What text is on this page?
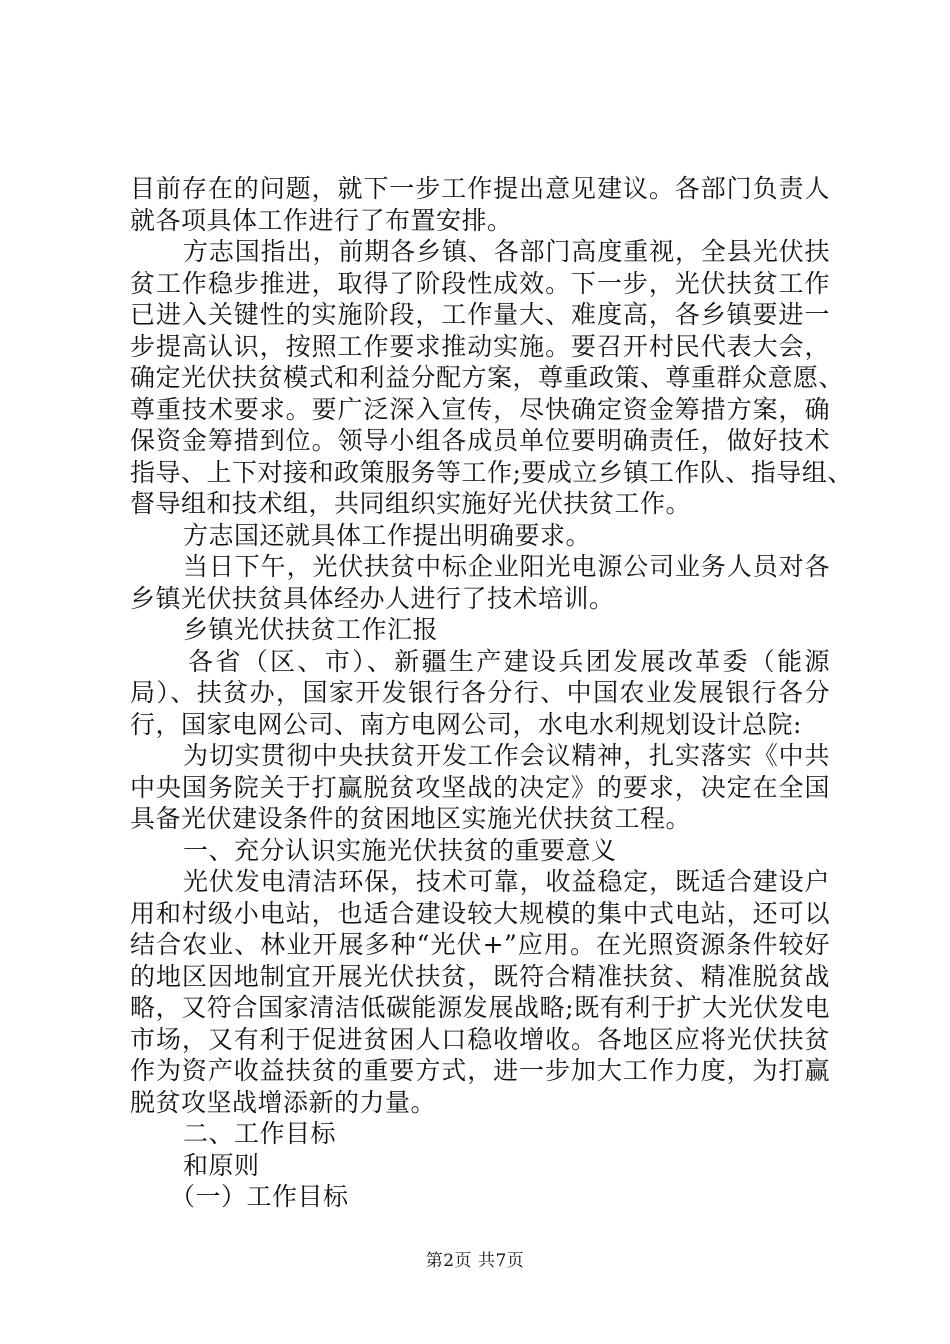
目前存在的问题，就下一步工作提出意见建议。各部门负责人
就各项具体工作进行了布置安排。
方志国指出，前期各乡镇、各部门高度重视，全县光伏扶
贫工作稳步推进，取得了阶段性成效。下一步，光伏扶贫工作
已进入关键性的实施阶段，工作量大、难度高，各乡镇要进一
步提高认识，按照工作要求推动实施。要召开村民代表大会，
确定光伏扶贫模式和利益分配方案，尊重政策、尊重群众意愿、
尊重技术要求。要广泛深入宣传，尽快确定资金筹措方案，确
保资金筹措到位。领导小组各成员单位要明确责任，做好技术
指导、上下对接和政策服务等工作;要成立乡镇工作队、指导组、
督导组和技术组，共同组织实施好光伏扶贫工作。
方志国还就具体工作提出明确要求。
当日下午，光伏扶贫中标企业阳光电源公司业务人员对各
乡镇光伏扶贫具体经办人进行了技术培训。
乡镇光伏扶贫工作汇报
各省（区、市）、新疆生产建设兵团发展改革委（能源
局）、扶贫办，国家开发银行各分行、中国农业发展银行各分
行，国家电网公司、南方电网公司，水电水利规划设计总院:
为切实贯彻中央扶贫开发工作会议精神，扎实落实《中共
中央国务院关于打赢脱贫攻坚战的决定》的要求，决定在全国
具备光伏建设条件的贫困地区实施光伏扶贫工程。
一、充分认识实施光伏扶贫的重要意义
光伏发电清洁环保，技术可靠，收益稳定，既适合建设户
用和村级小电站，也适合建设较大规模的集中式电站，还可以
结合农业、林业开展多种“光伏+”应用。在光照资源条件较好
的地区因地制宜开展光伏扶贫，既符合精准扶贫、精准脱贫战
略，又符合国家清洁低碳能源发展战略;既有利于扩大光伏发电
市场，又有利于促进贫困人口稳收增收。各地区应将光伏扶贫
作为资产收益扶贫的重要方式，进一步加大工作力度，为打赢
脱贫攻坚战增添新的力量。
二、工作目标
和原则
（一）工作目标
第2页 共7页
